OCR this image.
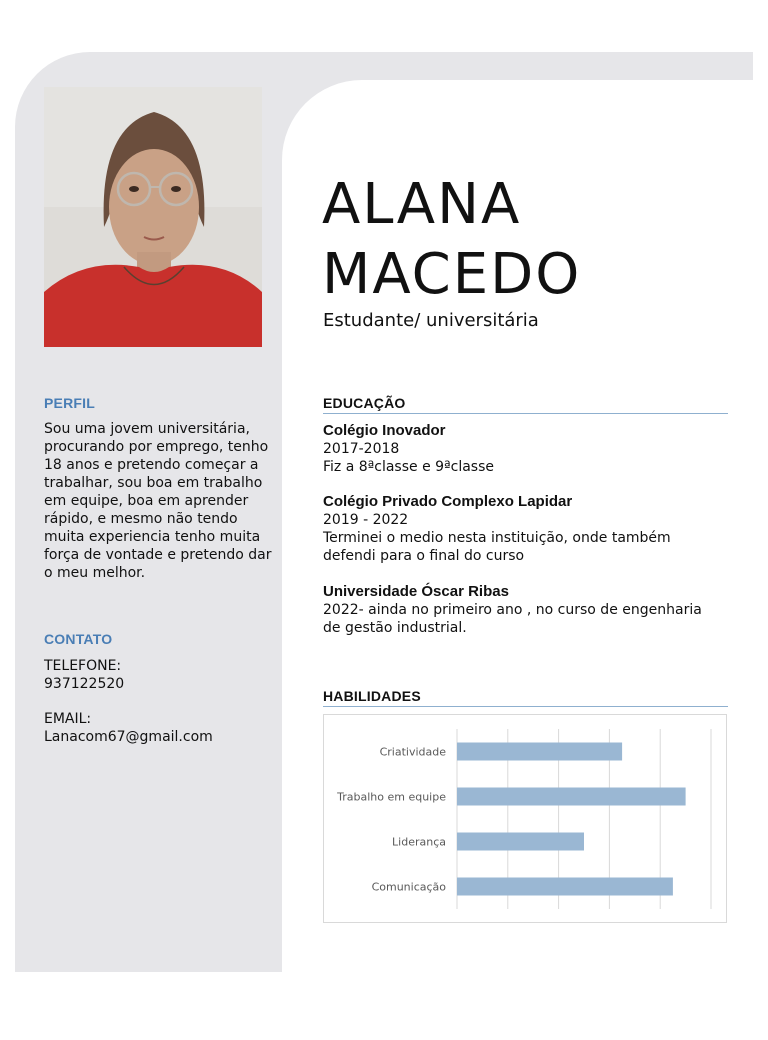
PERFIL
Sou uma jovem universitária, procurando por emprego, tenho 18 anos e pretendo começar a trabalhar, sou boa em trabalho em equipe, boa em aprender rápido, e mesmo não tendo muita experiencia tenho muita força de vontade e pretendo dar o meu melhor.
CONTATO
TELEFONE:
937122520
EMAIL:
Lanacom67@gmail.com
ALANA
MACEDO
Estudante/ universitária
EDUCAÇÃO
Colégio Inovador
2017-2018
Fiz a 8ªclasse e 9ªclasse
Colégio Privado Complexo Lapidar
2019 - 2022
Terminei o medio nesta instituição, onde também defendi para o final do curso
Universidade Óscar Ribas
2022- ainda no primeiro ano , no curso de engenharia de gestão industrial.
HABILIDADES
Criatividade
Trabalho em equipe
Liderança
Comunicação
